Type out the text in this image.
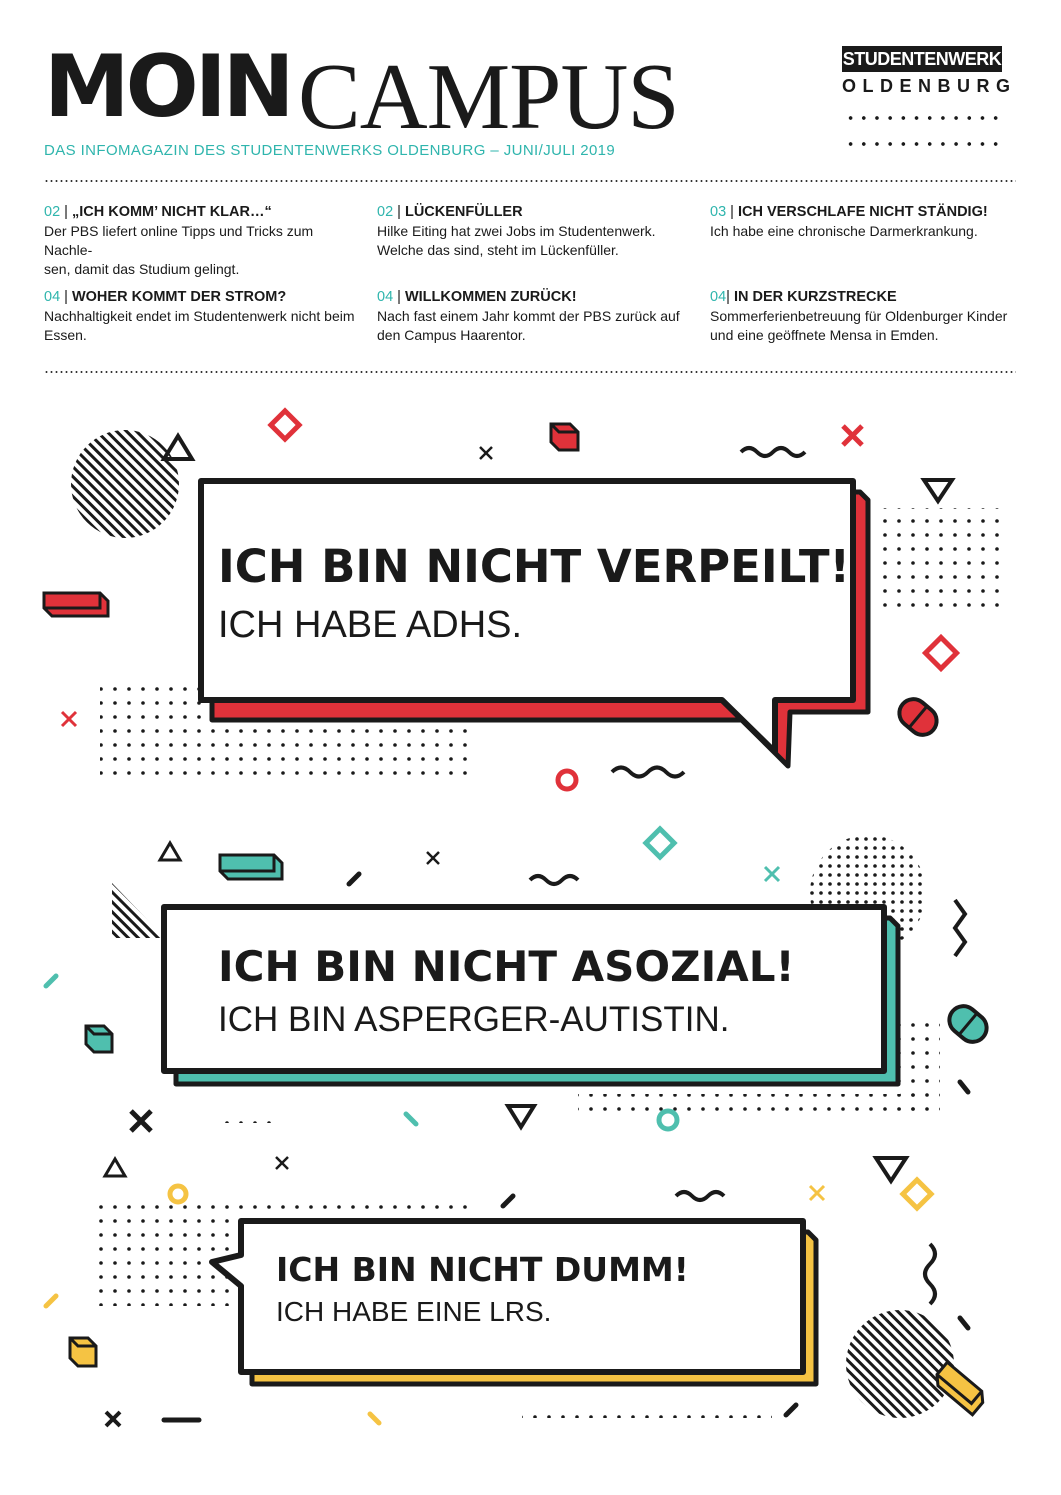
MOIN CAMPUS
DAS INFOMAGAZIN DES STUDENTENWERKS OLDENBURG – JUNI/JULI 2019
STUDENTENWERK
OLDENBURG
02 | „ICH KOMM’ NICHT KLAR…“
Der PBS liefert online Tipps und Tricks zum Nachle-
sen, damit das Studium gelingt.
02 | LÜCKENFÜLLER
Hilke Eiting hat zwei Jobs im Studentenwerk.
Welche das sind, steht im Lückenfüller.
03 | ICH VERSCHLAFE NICHT STÄNDIG!
Ich habe eine chronische Darmerkrankung.
04 | WOHER KOMMT DER STROM?
Nachhaltigkeit endet im Studentenwerk nicht beim
Essen.
04 | WILLKOMMEN ZURÜCK!
Nach fast einem Jahr kommt der PBS zurück auf
den Campus Haarentor.
04| IN DER KURZSTRECKE
Sommerferienbetreuung für Oldenburger Kinder
und eine geöffnete Mensa in Emden.
ICH BIN NICHT VERPEILT!
ICH HABE ADHS.
ICH BIN NICHT ASOZIAL!
ICH BIN ASPERGER-AUTISTIN.
ICH BIN NICHT DUMM!
ICH HABE EINE LRS.
